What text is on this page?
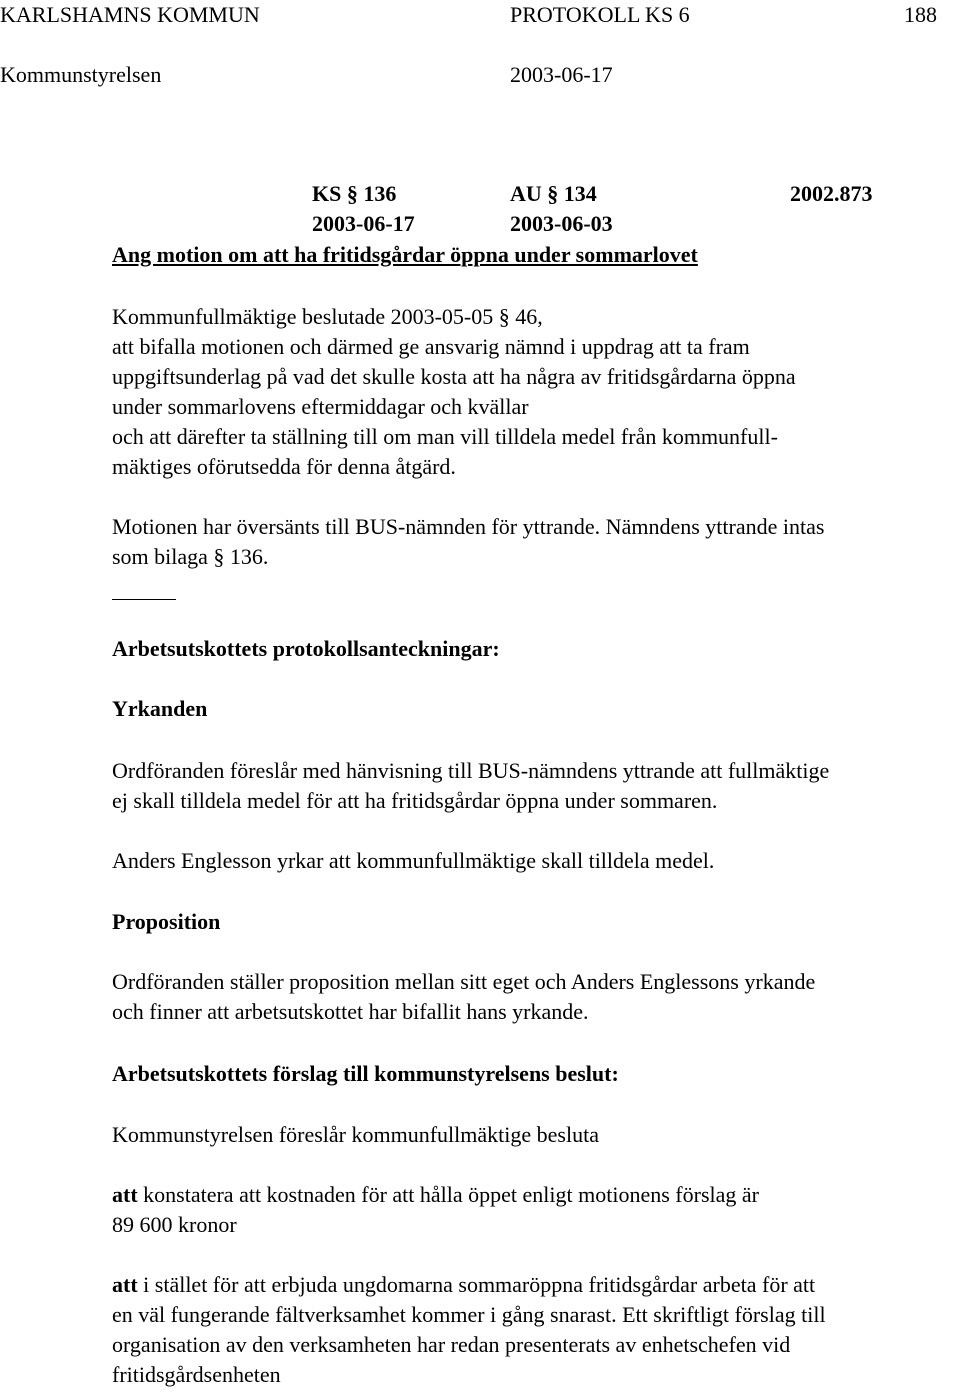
KARLSHAMNS KOMMUN	PROTOKOLL KS 6	188
Kommunstyrelsen	2003-06-17
KS § 136	AU § 134	2002.873
2003-06-17	2003-06-03
Ang motion om att ha fritidsgårdar öppna under sommarlovet
Kommunfullmäktige beslutade 2003-05-05 § 46,
att bifalla motionen och därmed ge ansvarig nämnd i uppdrag att ta fram
uppgiftsunderlag på vad det skulle kosta att ha några av fritidsgårdarna öppna
under sommarlovens eftermiddagar och kvällar
och att därefter ta ställning till om man vill tilldela medel från kommunfull-
mäktiges oförutsedda för denna åtgärd.
Motionen har översänts till BUS-nämnden för yttrande. Nämndens yttrande intas
som bilaga § 136.
Arbetsutskottets protokollsanteckningar:
Yrkanden
Ordföranden föreslår med hänvisning till BUS-nämndens yttrande att fullmäktige
ej skall tilldela medel för att ha fritidsgårdar öppna under sommaren.
Anders Englesson yrkar att kommunfullmäktige skall tilldela medel.
Proposition
Ordföranden ställer proposition mellan sitt eget och Anders Englessons yrkande
och finner att arbetsutskottet har bifallit hans yrkande.
Arbetsutskottets förslag till kommunstyrelsens beslut:
Kommunstyrelsen föreslår kommunfullmäktige besluta
att konstatera att kostnaden för att hålla öppet enligt motionens förslag är
89 600 kronor
att i stället för att erbjuda ungdomarna sommaröppna fritidsgårdar arbeta för att
en väl fungerande fältverksamhet kommer i gång snarast. Ett skriftligt förslag till
organisation av den verksamheten har redan presenterats av enhetschefen vid
fritidsgårdsenheten
